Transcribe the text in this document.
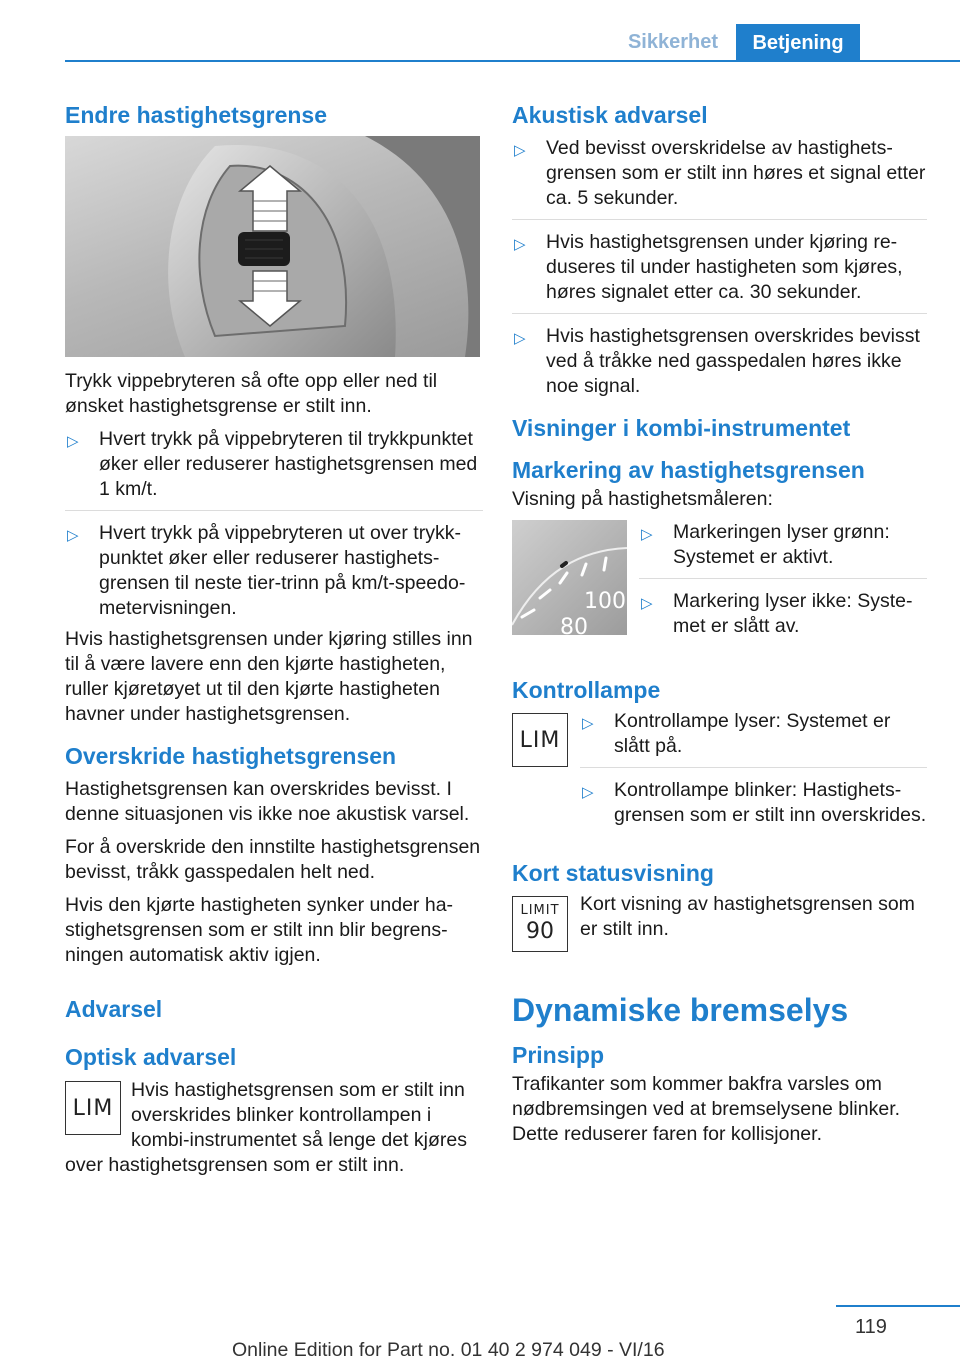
Sikkerhet	Betjening
Endre hastighetsgrense

Trykk vippebryteren så ofte opp eller ned til ønsket hastighetsgrense er stilt inn.

▷ Hvert trykk på vippebryteren til trykkpunktet øker eller reduserer hastighetsgrensen med 1 km/t.
▷ Hvert trykk på vippebryteren ut over trykkpunktet øker eller reduserer hastighetsgrensen til neste tier-trinn på km/t-speedometervisningen.

Hvis hastighetsgrensen under kjøring stilles inn til å være lavere enn den kjørte hastigheten, ruller kjøretøyet ut til den kjørte hastigheten havner under hastighetsgrensen.

Overskride hastighetsgrensen

Hastighetsgrensen kan overskrides bevisst. I denne situasjonen vis ikke noe akustisk varsel.

For å overskride den innstilte hastighetsgrensen bevisst, tråkk gasspedalen helt ned.

Hvis den kjørte hastigheten synker under hastighetsgrensen som er stilt inn blir begrensningen automatisk aktiv igjen.

Advarsel
Optisk advarsel
LIM

Hvis hastighetsgrensen som er stilt inn overskrides blinker kontrollampen i kombi-instrumentet så lenge det kjøres over hastighetsgrensen som er stilt inn.

Akustisk advarsel
▷ Ved bevisst overskridelse av hastighetsgrensen som er stilt inn høres et signal etter ca. 5 sekunder.
▷ Hvis hastighetsgrensen under kjøring reduseres til under hastigheten som kjøres, høres signalet etter ca. 30 sekunder.
▷ Hvis hastighetsgrensen overskrides bevisst ved å tråkke ned gasspedalen høres ikke noe signal.
Visninger i kombi-instrumentet
Markering av hastighetsgrensen

Visning på hastighetsmåleren:

100
80
▷ Markeringen lyser grønn: Systemet er aktivt.
▷ Markering lyser ikke: Systemet er slått av.
Kontrollampe
LIM
▷ Kontrollampe lyser: Systemet er slått på.
▷ Kontrollampe blinker: Hastighetsgrensen som er stilt inn overskrides.
Kort statusvisning
LIMIT
90

Kort visning av hastighetsgrensen som er stilt inn.

Dynamiske bremselys
Prinsipp

Trafikanter som kommer bakfra varsles om nødbremsingen ved at bremselysene blinker. Dette reduserer faren for kollisjoner.

119
Online Edition for Part no. 01 40 2 974 049 - VI/16
